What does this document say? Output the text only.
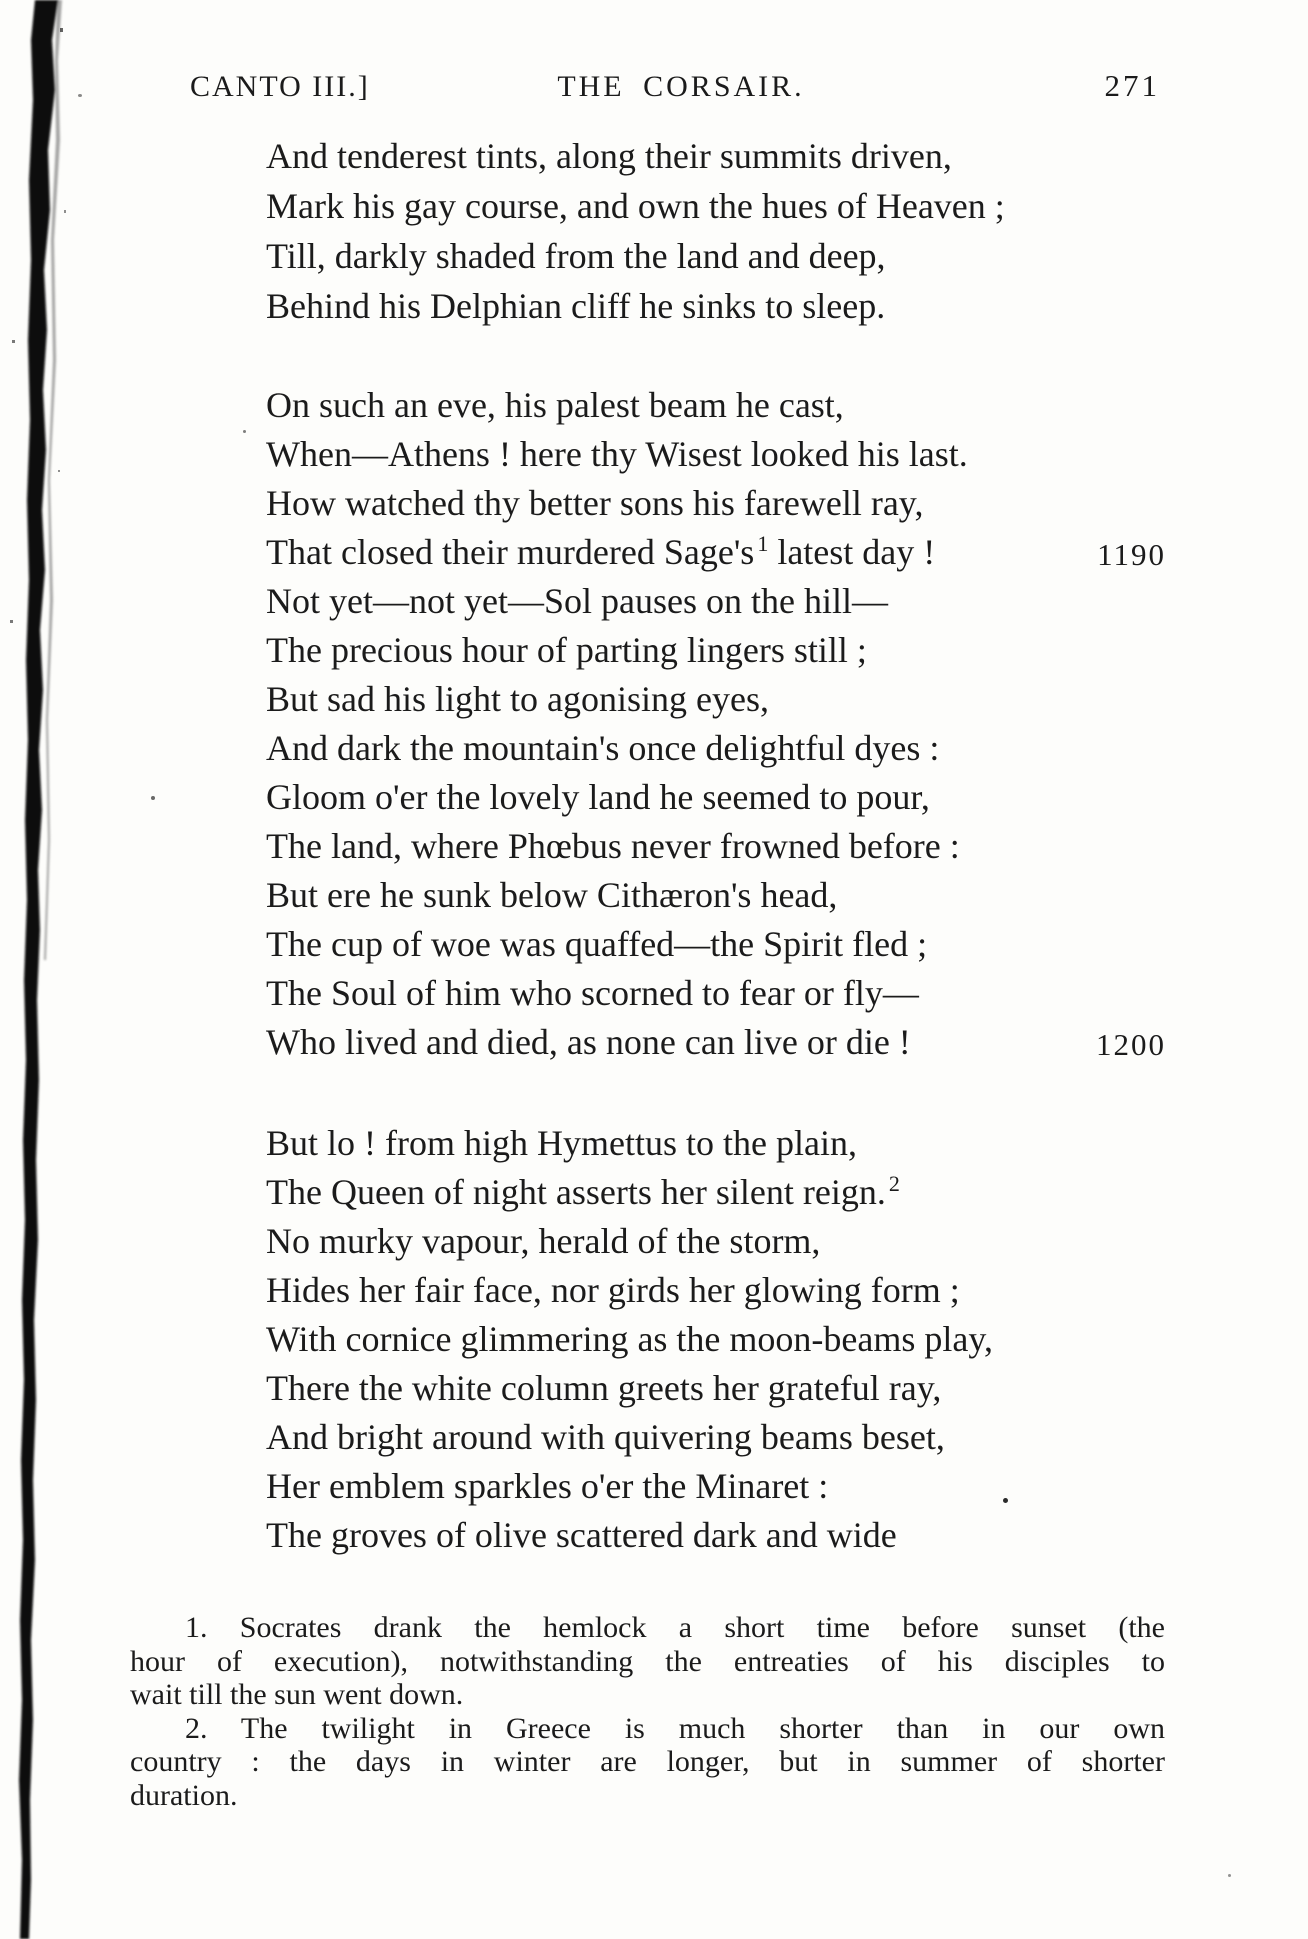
CANTO III.]	THE CORSAIR.	271
And tenderest tints, along their summits driven,
Mark his gay course, and own the hues of Heaven ;
Till, darkly shaded from the land and deep,
Behind his Delphian cliff he sinks to sleep.
On such an eve, his palest beam he cast,
When—Athens ! here thy Wisest looked his last.
How watched thy better sons his farewell ray,
That closed their murdered Sage's $^1$ latest day !	1190
Not yet—not yet—Sol pauses on the hill—
The precious hour of parting lingers still ;
But sad his light to agonising eyes,
And dark the mountain's once delightful dyes :
Gloom o'er the lovely land he seemed to pour,
The land, where Phœbus never frowned before :
But ere he sunk below Cithæron's head,
The cup of woe was quaffed—the Spirit fled ;
The Soul of him who scorned to fear or fly—
Who lived and died, as none can live or die !	1200
But lo ! from high Hymettus to the plain,
The Queen of night asserts her silent reign. $^2$
No murky vapour, herald of the storm,
Hides her fair face, nor girds her glowing form ;
With cornice glimmering as the moon-beams play,
There the white column greets her grateful ray,
And bright around with quivering beams beset,
Her emblem sparkles o'er the Minaret :
The groves of olive scattered dark and wide
1. Socrates drank the hemlock a short time before sunset (the
hour of execution), notwithstanding the entreaties of his disciples to
wait till the sun went down.
2. The twilight in Greece is much shorter than in our own
country : the days in winter are longer, but in summer of shorter
duration.
